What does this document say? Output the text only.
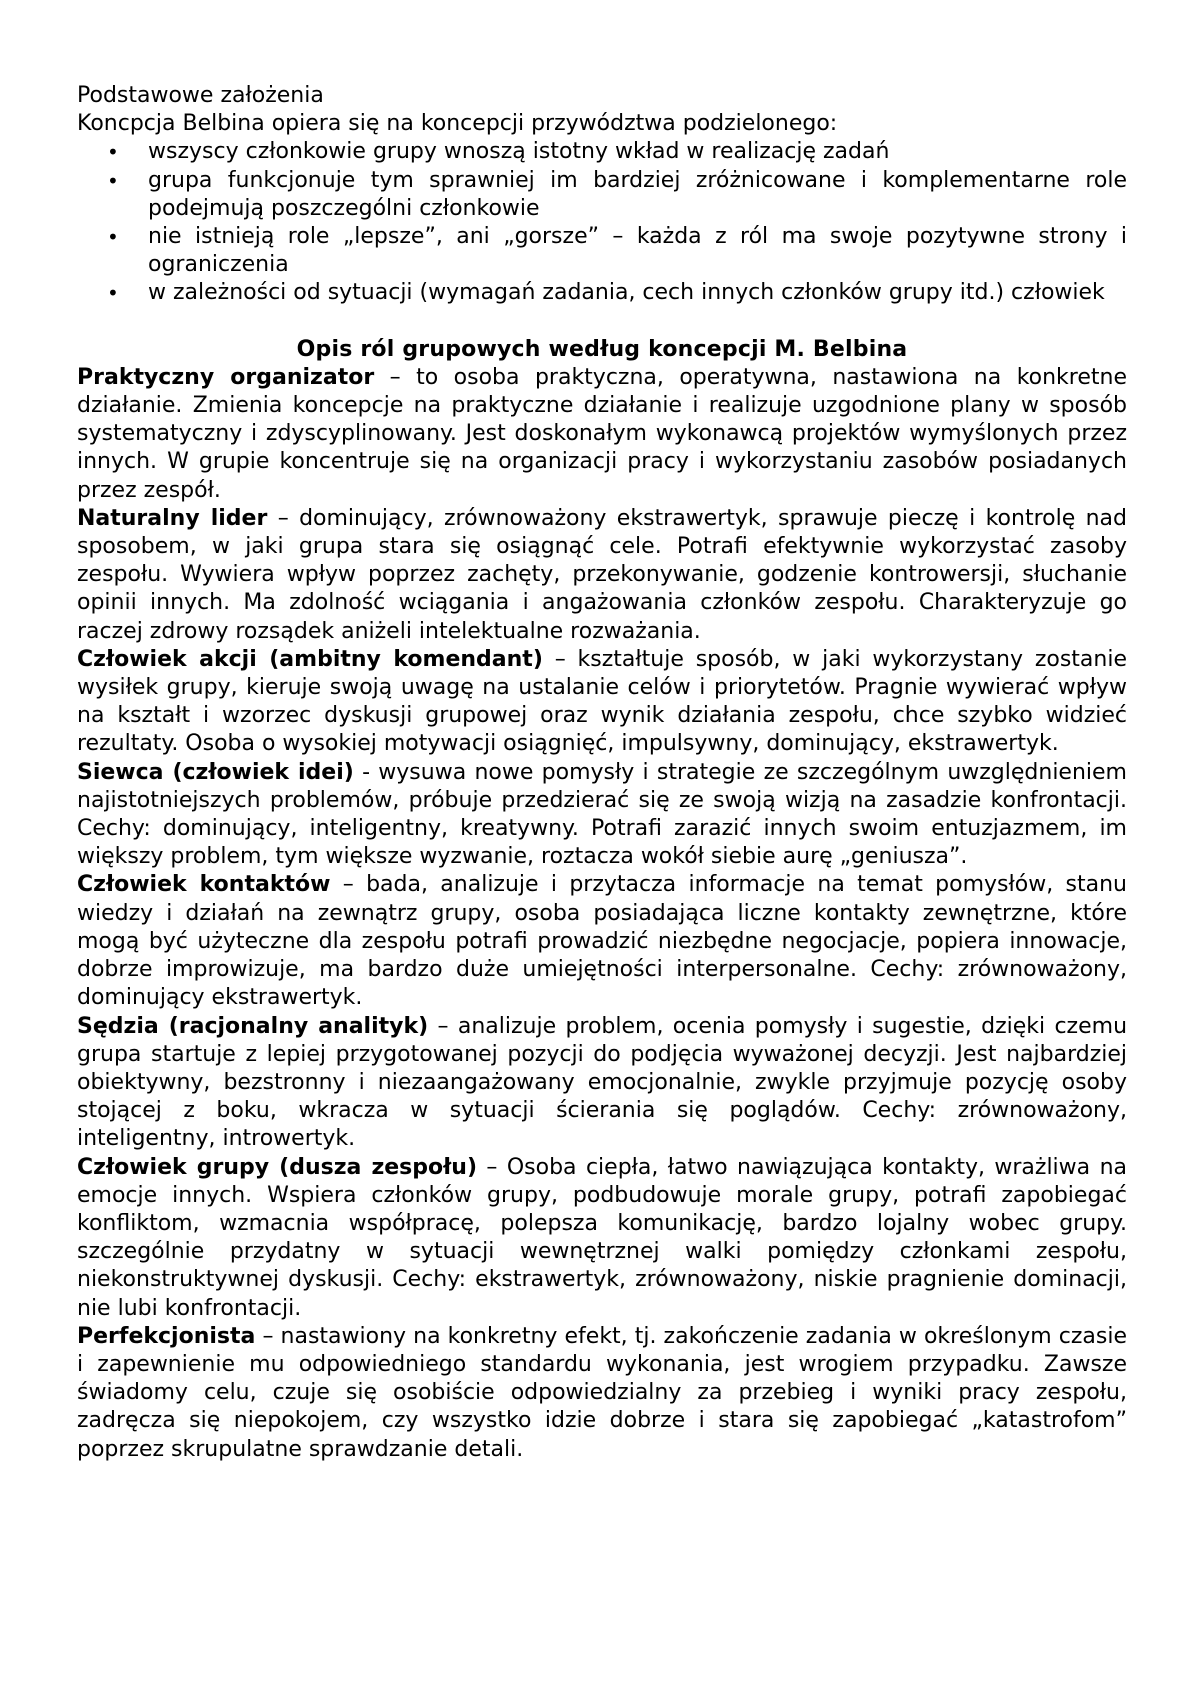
Podstawowe założenia

Koncpcja Belbina opiera się na koncepcji przywództwa podzielonego:

• wszyscy członkowie grupy wnoszą istotny wkład w realizację zadań
• grupa funkcjonuje tym sprawniej im bardziej zróżnicowane i komplementarne role podejmują poszczególni członkowie
• nie istnieją role „lepsze”, ani „gorsze” – każda z ról ma swoje pozytywne strony i ograniczenia
• w zależności od sytuacji (wymagań zadania, cech innych członków grupy itd.) człowiek

Opis ról grupowych według koncepcji M. Belbina

Praktyczny organizator – to osoba praktyczna, operatywna, nastawiona na konkretne działanie. Zmienia koncepcje na praktyczne działanie i realizuje uzgodnione plany w sposób systematyczny i zdyscyplinowany. Jest doskonałym wykonawcą projektów wymyślonych przez innych. W grupie koncentruje się na organizacji pracy i wykorzystaniu zasobów posiadanych przez zespół.

Naturalny lider – dominujący, zrównoważony ekstrawertyk, sprawuje pieczę i kontrolę nad sposobem, w jaki grupa stara się osiągnąć cele. Potrafi efektywnie wykorzystać zasoby zespołu. Wywiera wpływ poprzez zachęty, przekonywanie, godzenie kontrowersji, słuchanie opinii innych. Ma zdolność wciągania i angażowania członków zespołu. Charakteryzuje go raczej zdrowy rozsądek aniżeli intelektualne rozważania.

Człowiek akcji (ambitny komendant) – kształtuje sposób, w jaki wykorzystany zostanie wysiłek grupy, kieruje swoją uwagę na ustalanie celów i priorytetów. Pragnie wywierać wpływ na kształt i wzorzec dyskusji grupowej oraz wynik działania zespołu, chce szybko widzieć rezultaty. Osoba o wysokiej motywacji osiągnięć, impulsywny, dominujący, ekstrawertyk.

Siewca (człowiek idei) - wysuwa nowe pomysły i strategie ze szczególnym uwzględnieniem najistotniejszych problemów, próbuje przedzierać się ze swoją wizją na zasadzie konfrontacji. Cechy: dominujący, inteligentny, kreatywny. Potrafi zarazić innych swoim entuzjazmem, im większy problem, tym większe wyzwanie, roztacza wokół siebie aurę „geniusza”.

Człowiek kontaktów – bada, analizuje i przytacza informacje na temat pomysłów, stanu wiedzy i działań na zewnątrz grupy, osoba posiadająca liczne kontakty zewnętrzne, które mogą być użyteczne dla zespołu potrafi prowadzić niezbędne negocjacje, popiera innowacje, dobrze improwizuje, ma bardzo duże umiejętności interpersonalne. Cechy: zrównoważony, dominujący ekstrawertyk.

Sędzia (racjonalny analityk) – analizuje problem, ocenia pomysły i sugestie, dzięki czemu grupa startuje z lepiej przygotowanej pozycji do podjęcia wyważonej decyzji. Jest najbardziej obiektywny, bezstronny i niezaangażowany emocjonalnie, zwykle przyjmuje pozycję osoby stojącej z boku, wkracza w sytuacji ścierania się poglądów. Cechy: zrównoważony, inteligentny, introwertyk.

Człowiek grupy (dusza zespołu) – Osoba ciepła, łatwo nawiązująca kontakty, wrażliwa na emocje innych. Wspiera członków grupy, podbudowuje morale grupy, potrafi zapobiegać konfliktom, wzmacnia współpracę, polepsza komunikację, bardzo lojalny wobec grupy. szczególnie przydatny w sytuacji wewnętrznej walki pomiędzy członkami zespołu, niekonstruktywnej dyskusji. Cechy: ekstrawertyk, zrównoważony, niskie pragnienie dominacji, nie lubi konfrontacji.

Perfekcjonista – nastawiony na konkretny efekt, tj. zakończenie zadania w określonym czasie i zapewnienie mu odpowiedniego standardu wykonania, jest wrogiem przypadku. Zawsze świadomy celu, czuje się osobiście odpowiedzialny za przebieg i wyniki pracy zespołu, zadręcza się niepokojem, czy wszystko idzie dobrze i stara się zapobiegać „katastrofom” poprzez skrupulatne sprawdzanie detali.
